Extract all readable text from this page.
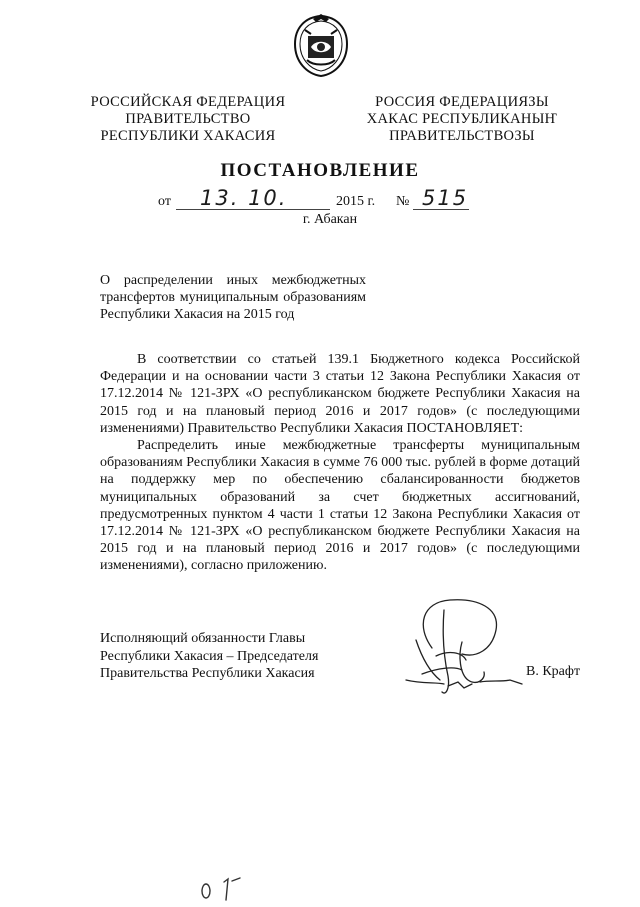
РОССИЙСКАЯ ФЕДЕРАЦИЯ
ПРАВИТЕЛЬСТВО
РЕСПУБЛИКИ ХАКАСИЯ
РОССИЯ ФЕДЕРАЦИЯЗЫ
ХАКАС РЕСПУБЛИКАНЫҤ
ПРАВИТЕЛЬСТВОЗЫ
ПОСТАНОВЛЕНИЕ
от 13. 10.	2015 г. № 515
г. Абакан
О распределении иных межбюджетных трансфертов муниципальным образованиям Республики Хакасия на 2015 год

В соответствии со статьей 139.1 Бюджетного кодекса Российской Федерации и на основании части 3 статьи 12 Закона Республики Хакасия от 17.12.2014 № 121-ЗРХ «О республиканском бюджете Республики Хакасия на 2015 год и на плановый период 2016 и 2017 годов» (с последующими изменениями) Правительство Республики Хакасия ПОСТАНОВЛЯЕТ:

Распределить иные межбюджетные трансферты муниципальным образованиям Республики Хакасия в сумме 76 000 тыс. рублей в форме дотаций на поддержку мер по обеспечению сбалансированности бюджетов муниципальных образований за счет бюджетных ассигнований, предусмотренных пунктом 4 части 1 статьи 12 Закона Республики Хакасия от 17.12.2014 № 121-ЗРХ «О республиканском бюджете Республики Хакасия на 2015 год и на плановый период 2016 и 2017 годов» (с последующими изменениями), согласно приложению.

Исполняющий обязанности Главы
Республики Хакасия – Председателя
Правительства Республики Хакасия	В. Крафт
